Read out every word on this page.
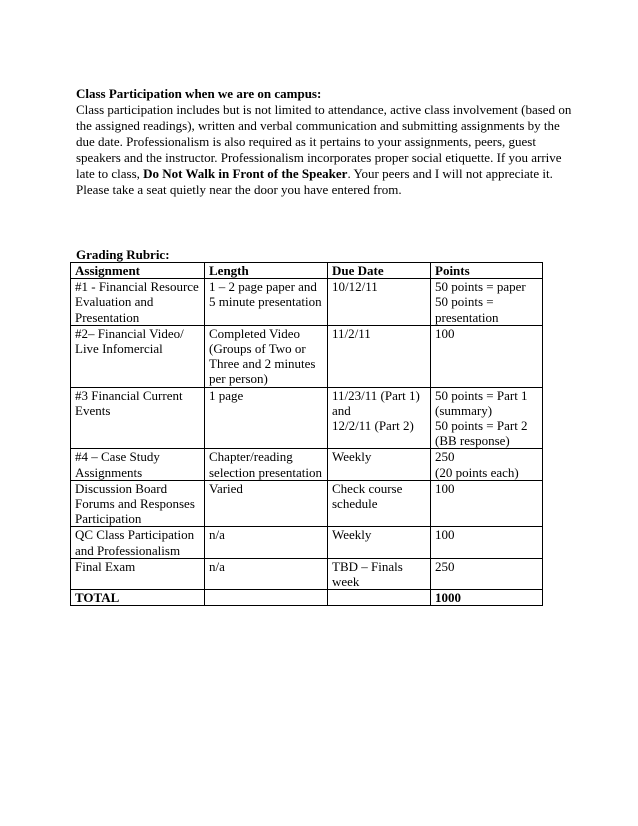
Class Participation when we are on campus:

Class participation includes but is not limited to attendance, active class involvement (based on the assigned readings), written and verbal communication and submitting assignments by the due date. Professionalism is also required as it pertains to your assignments, peers, guest speakers and the instructor. Professionalism incorporates proper social etiquette. If you arrive late to class, Do Not Walk in Front of the Speaker. Your peers and I will not appreciate it. Please take a seat quietly near the door you have entered from.

Grading Rubric:

Assignment	Length	Due Date	Points

#1 - Financial Resource
Evaluation and
Presentation	1 – 2 page paper and
5 minute presentation	10/12/11	50 points = paper
50 points =
presentation

#2– Financial Video/
Live Infomercial	Completed Video
(Groups of Two or
Three and 2 minutes
per person)	11/2/11	100

#3 Financial Current
Events	1 page	11/23/11 (Part 1)
and
12/2/11 (Part 2)	50 points = Part 1
(summary)
50 points = Part 2
(BB response)

#4 – Case Study
Assignments	Chapter/reading
selection presentation	Weekly	250
(20 points each)

Discussion Board
Forums and Responses
Participation	Varied	Check course
schedule	100

QC Class Participation
and Professionalism	n/a	Weekly	100

Final Exam	n/a	TBD – Finals
week	250

TOTAL			1000
